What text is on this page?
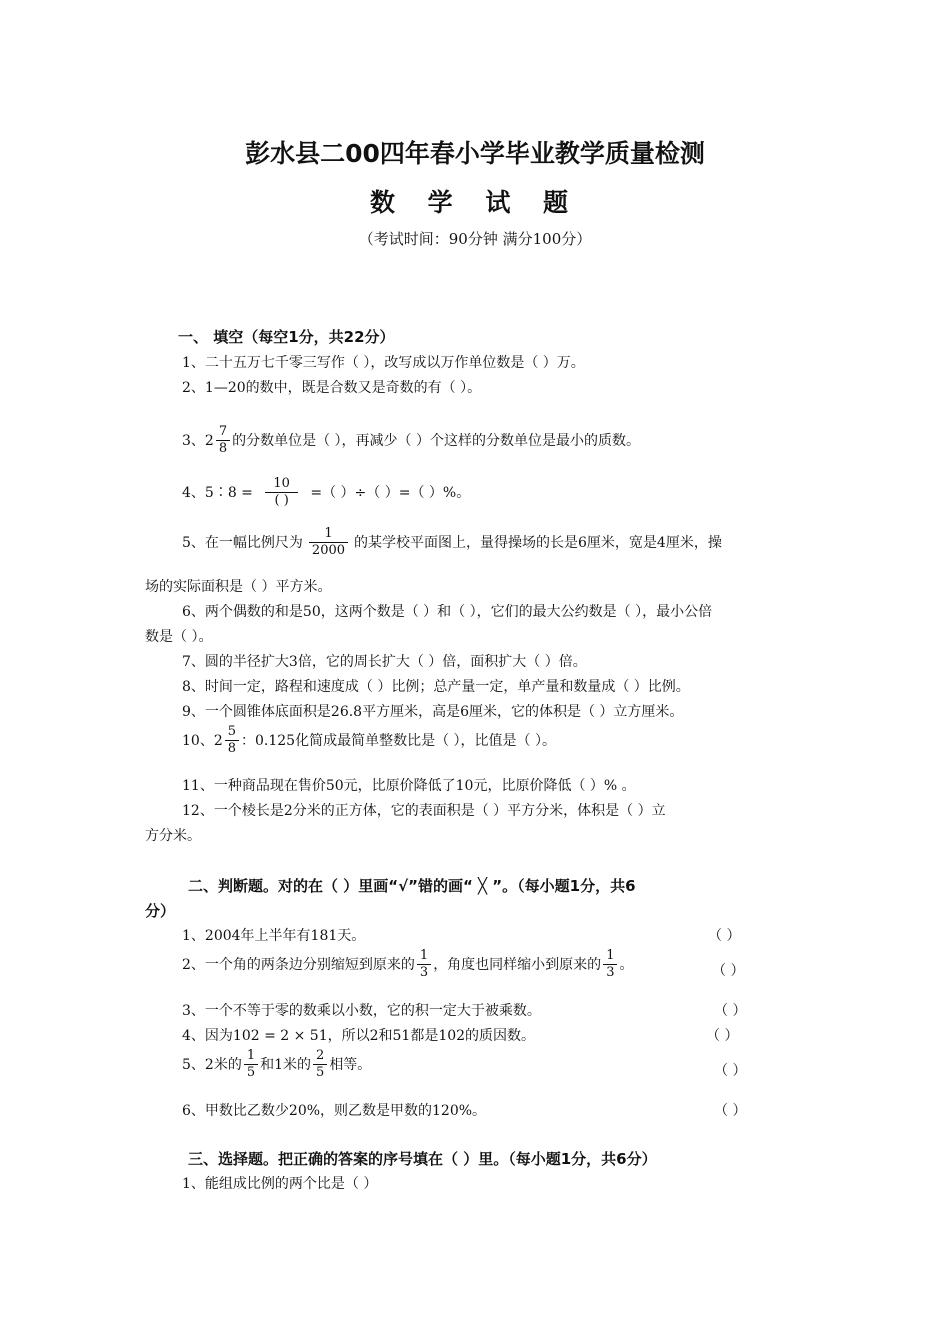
彭水县二00四年春小学毕业教学质量检测
数 学 试 题
（考试时间：90分钟 满分100分）
一、 填空（每空1分，共22分）
1、二十五万七千零三写作（ ），改写成以万作单位数是（ ）万。
2、1—20的数中，既是合数又是奇数的有（ ）。
3、$2 \frac{7}{8}$ 的分数单位是（ ），再减少（ ）个这样的分数单位是最小的质数。
4、5∶8 = $\frac{10}{( )}$ =（ ）÷（ ）=（ ）%。
5、在一幅比例尺为 $\frac{1}{2000}$ 的某学校平面图上，量得操场的长是6厘米，宽是4厘米，操
场的实际面积是（ ）平方米。
6、两个偶数的和是50，这两个数是（ ）和（ ），它们的最大公约数是（ ），最小公倍
数是（ ）。
7、圆的半径扩大3倍，它的周长扩大（ ）倍，面积扩大（ ）倍。
8、时间一定，路程和速度成（ ）比例；总产量一定，单产量和数量成（ ）比例。
9、一个圆锥体底面积是26.8平方厘米，高是6厘米，它的体积是（ ）立方厘米。
10、$2 \frac{5}{8}$ ：0.125化简成最简单整数比是（ ），比值是（ ）。
11、一种商品现在售价50元，比原价降低了10元，比原价降低（ ）% 。
12、一个棱长是2分米的正方体，它的表面积是（ ）平方分米，体积是（ ）立
方分米。
二、判断题。对的在（ ）里画“√”错的画“ ╳ ”。（每小题1分，共6
分）
1、2004年上半年有181天。	（ ）
2、一个角的两条边分别缩短到原来的 $\frac{1}{3}$ ，角度也同样缩小到原来的 $\frac{1}{3}$ 。	（ ）
3、一个不等于零的数乘以小数，它的积一定大于被乘数。	（ ）
4、因为102 = 2 × 51，所以2和51都是102的质因数。	（ ）
5、2米的 $\frac{1}{5}$ 和1米的 $\frac{2}{5}$ 相等。	（ ）
6、甲数比乙数少20%，则乙数是甲数的120%。	（ ）
三、选择题。把正确的答案的序号填在（ ）里。（每小题1分，共6分）
1、能组成比例的两个比是（ ）
